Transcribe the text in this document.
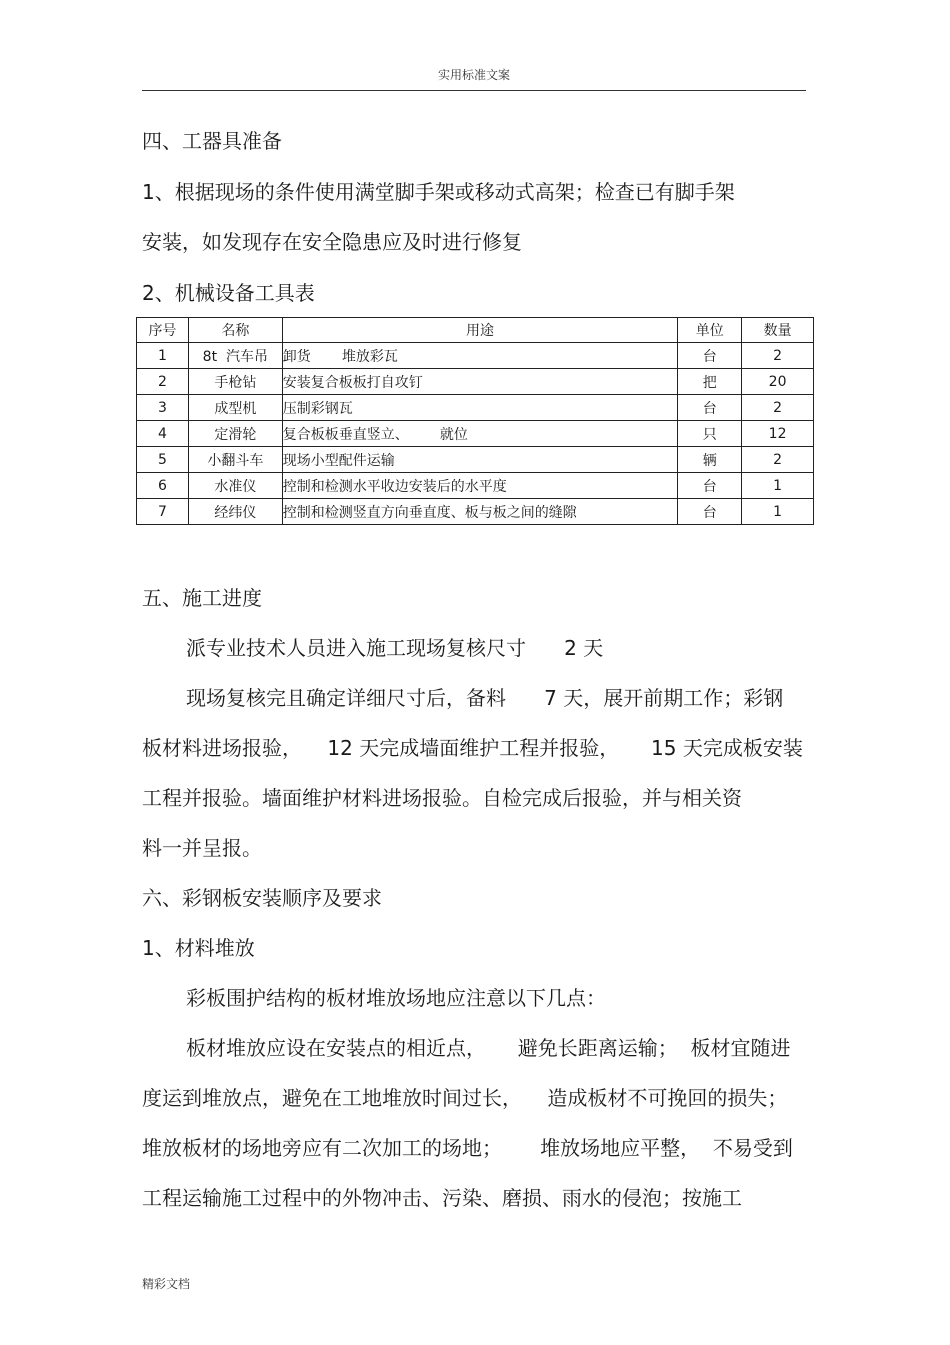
实用标准文案
四、工器具准备
1、根据现场的条件使用满堂脚手架或移动式高架；检查已有脚手架
安装，如发现存在安全隐患应及时进行修复
2、机械设备工具表
序号	名称	用途	单位	数量
1	8t  汽车吊	卸货       堆放彩瓦	台	2
2	手枪钻	安装复合板板打自攻钉	把	20
3	成型机	压制彩钢瓦	台	2
4	定滑轮	复合板板垂直竖立、       就位	只	12
5	小翻斗车	现场小型配件运输	辆	2
6	水准仪	控制和检测水平收边安装后的水平度	台	1
7	经纬仪	控制和检测竖直方向垂直度、板与板之间的缝隙	台	1
五、施工进度
派专业技术人员进入施工现场复核尺寸      2 天
现场复核完且确定详细尺寸后，备料      7 天，展开前期工作；彩钢
板材料进场报验，    12 天完成墙面维护工程并报验，     15 天完成板安装
工程并报验。墙面维护材料进场报验。自检完成后报验，并与相关资
料一并呈报。
六、彩钢板安装顺序及要求
1、材料堆放
彩板围护结构的板材堆放场地应注意以下几点：
板材堆放应设在安装点的相近点，     避免长距离运输；  板材宜随进
度运到堆放点，避免在工地堆放时间过长，    造成板材不可挽回的损失；
堆放板材的场地旁应有二次加工的场地；      堆放场地应平整，  不易受到
工程运输施工过程中的外物冲击、污染、磨损、雨水的侵泡；按施工
精彩文档
